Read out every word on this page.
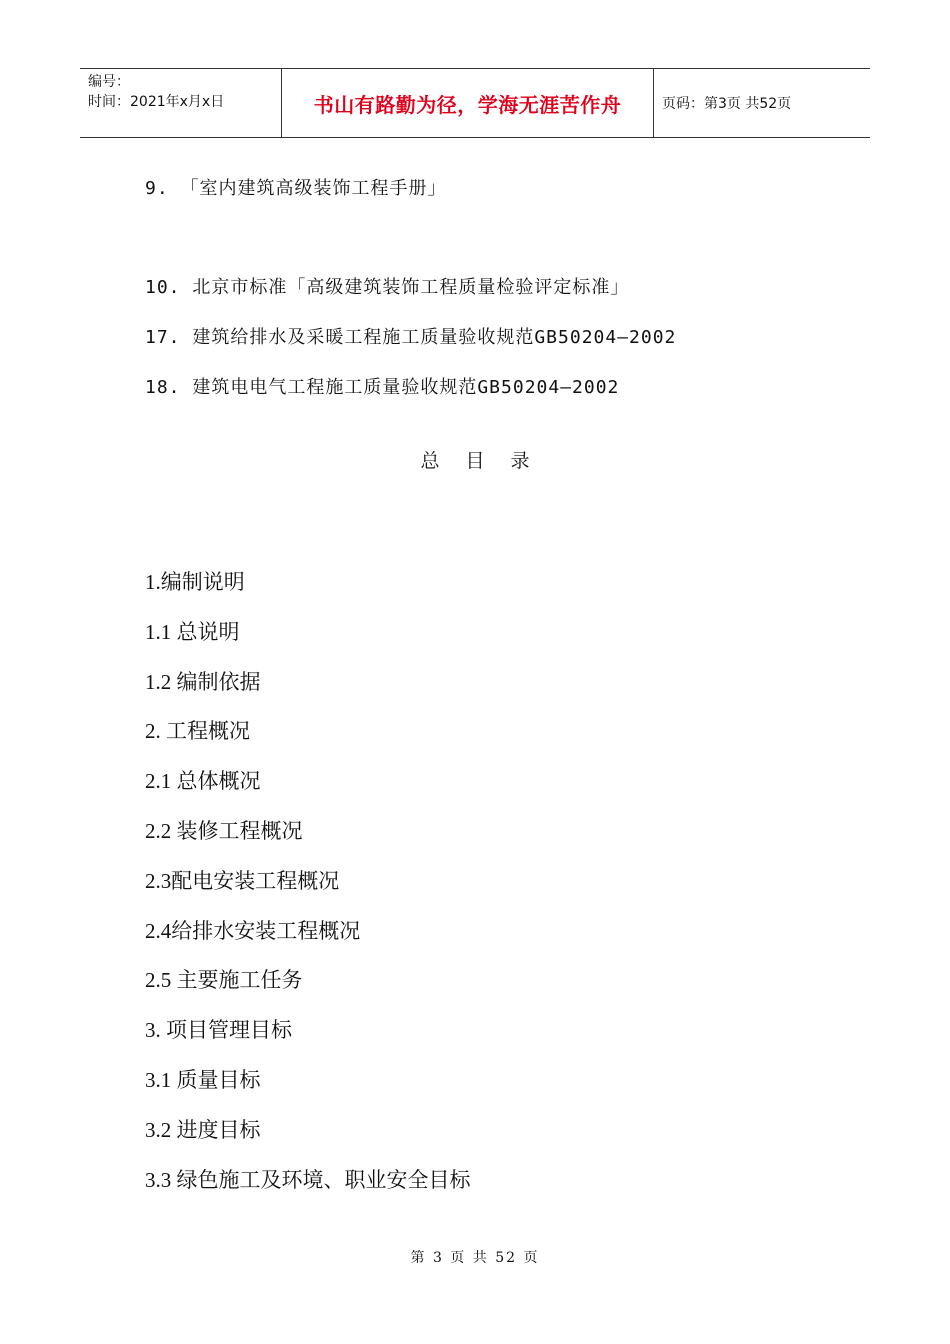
编号：
时间：2021年x月x日	书山有路勤为径，学海无涯苦作舟	页码：第3页 共52页
9. 「室内建筑高级装饰工程手册」
10. 北京市标准「高级建筑装饰工程质量检验评定标准」
17. 建筑给排水及采暖工程施工质量验收规范GB50204—2002
18. 建筑电电气工程施工质量验收规范GB50204—2002
总目录
1.编制说明
1.1 总说明
1.2 编制依据
2. 工程概况
2.1 总体概况
2.2 装修工程概况
2.3配电安装工程概况
2.4给排水安装工程概况
2.5 主要施工任务
3. 项目管理目标
3.1 质量目标
3.2 进度目标
3.3 绿色施工及环境、职业安全目标
第 3 页 共 52 页
